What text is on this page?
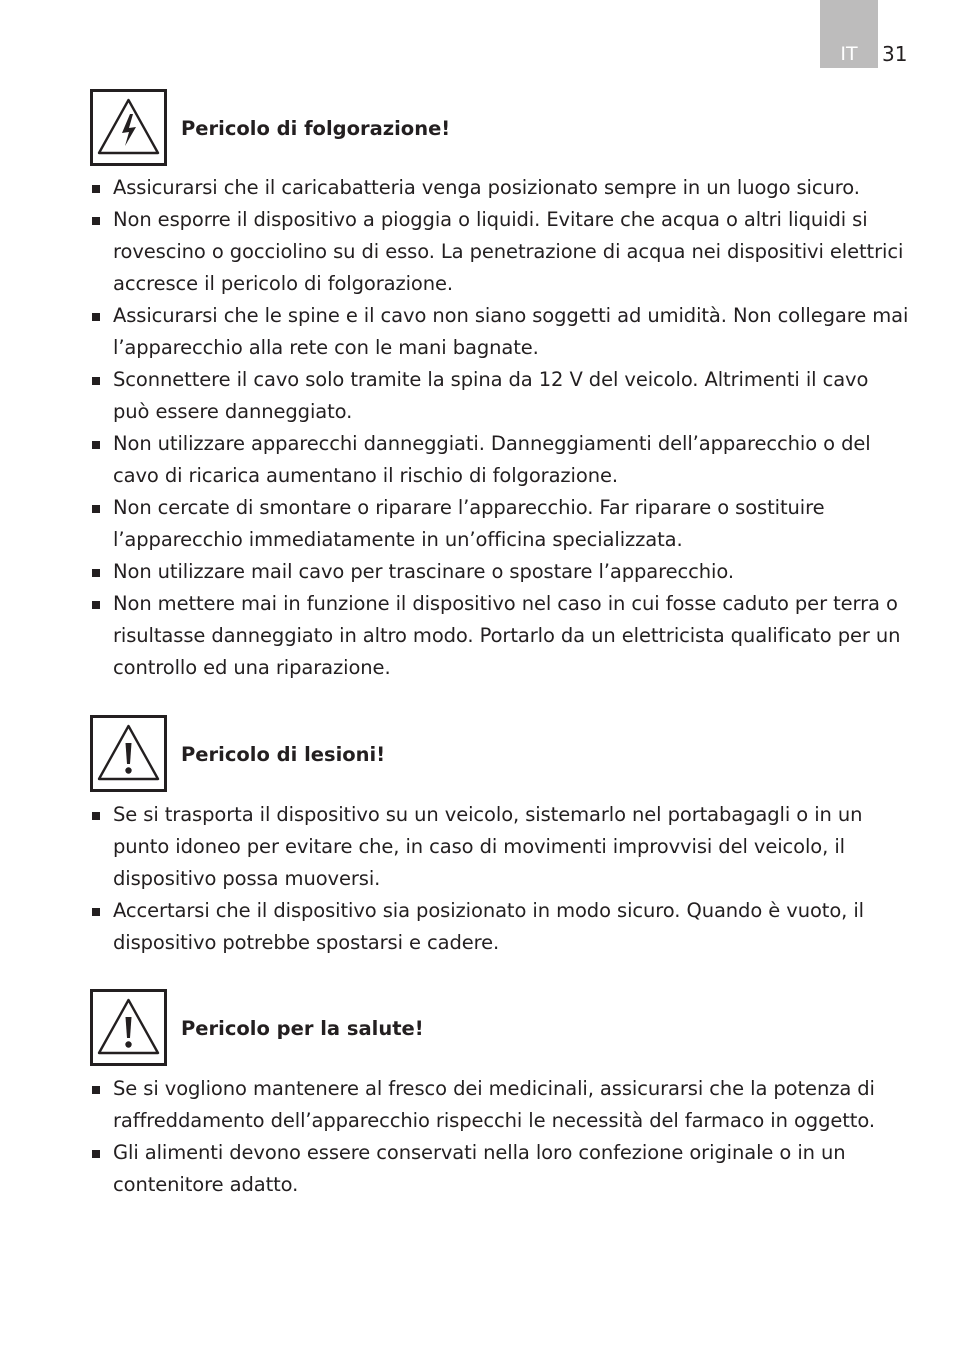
IT	31
Pericolo di folgorazione!
Assicurarsi che il caricabatteria venga posizionato sempre in un luogo sicuro.
Non esporre il dispositivo a pioggia o liquidi. Evitare che acqua o altri liquidi si rovescino o gocciolino su di esso. La penetrazione di acqua nei dispositivi elettrici accresce il pericolo di folgorazione.
Assicurarsi che le spine e il cavo non siano soggetti ad umidità. Non collegare mai l’apparecchio alla rete con le mani bagnate.
Sconnettere il cavo solo tramite la spina da 12 V del veicolo. Altrimenti il cavo può essere danneggiato.
Non utilizzare apparecchi danneggiati. Danneggiamenti dell’apparecchio o del cavo di ricarica aumentano il rischio di folgorazione.
Non cercate di smontare o riparare l’apparecchio. Far riparare o sostituire l’apparecchio immediatamente in un’officina specializzata.
Non utilizzare mail cavo per trascinare o spostare l’apparecchio.
Non mettere mai in funzione il dispositivo nel caso in cui fosse caduto per terra o risultasse danneggiato in altro modo. Portarlo da un elettricista qualificato per un controllo ed una riparazione.
Pericolo di lesioni!
Se si trasporta il dispositivo su un veicolo, sistemarlo nel portabagagli o in un punto idoneo per evitare che, in caso di movimenti improvvisi del veicolo, il dispositivo possa muoversi.
Accertarsi che il dispositivo sia posizionato in modo sicuro. Quando è vuoto, il dispositivo potrebbe spostarsi e cadere.
Pericolo per la salute!
Se si vogliono mantenere al fresco dei medicinali, assicurarsi che la potenza di raffreddamento dell’apparecchio rispecchi le necessità del farmaco in oggetto.
Gli alimenti devono essere conservati nella loro confezione originale o in un contenitore adatto.
